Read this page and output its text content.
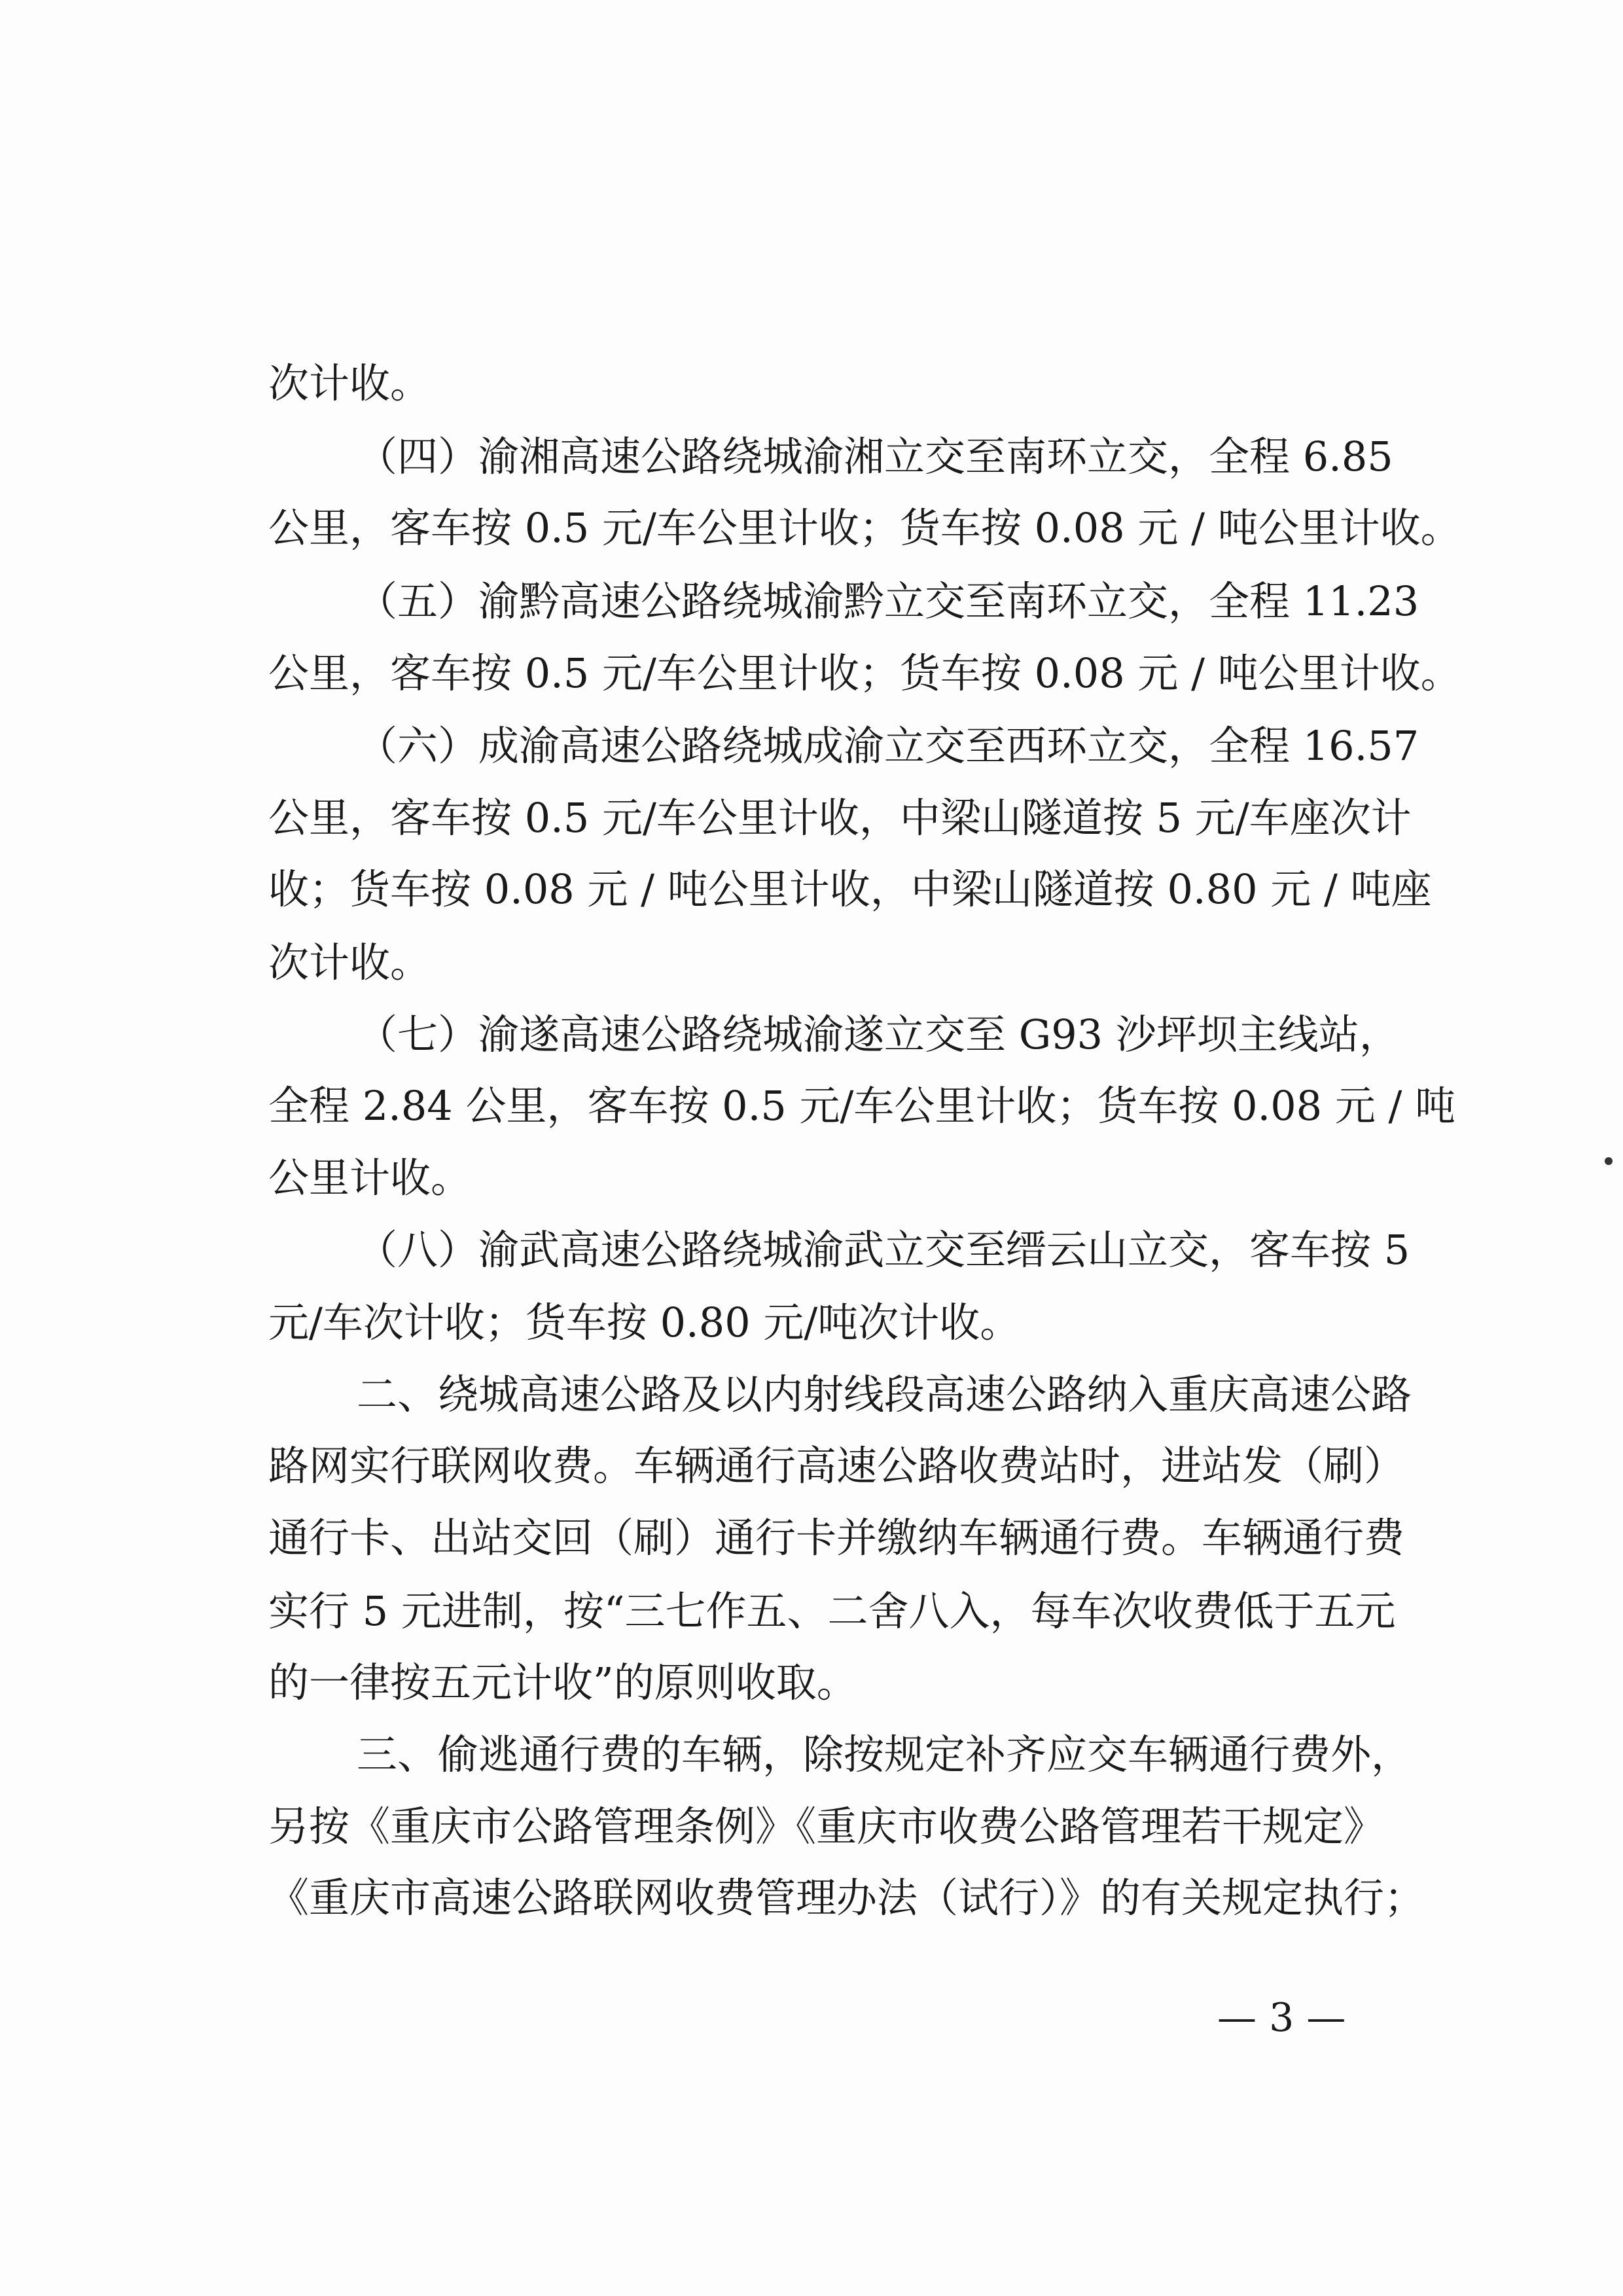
次计收。
（四）渝湘高速公路绕城渝湘立交至南环立交，全程 6.85
公里，客车按 0.5 元/车公里计收；货车按 0.08 元 / 吨公里计收。
（五）渝黔高速公路绕城渝黔立交至南环立交，全程 11.23
公里，客车按 0.5 元/车公里计收；货车按 0.08 元 / 吨公里计收。
（六）成渝高速公路绕城成渝立交至西环立交，全程 16.57
公里，客车按 0.5 元/车公里计收，中梁山隧道按 5 元/车座次计
收；货车按 0.08 元 / 吨公里计收，中梁山隧道按 0.80 元 / 吨座
次计收。
（七）渝遂高速公路绕城渝遂立交至 G93 沙坪坝主线站，
全程 2.84 公里，客车按 0.5 元/车公里计收；货车按 0.08 元 / 吨
公里计收。
（八）渝武高速公路绕城渝武立交至缙云山立交，客车按 5
元/车次计收；货车按 0.80 元/吨次计收。
二、绕城高速公路及以内射线段高速公路纳入重庆高速公路
路网实行联网收费。车辆通行高速公路收费站时，进站发（刷）
通行卡、出站交回（刷）通行卡并缴纳车辆通行费。车辆通行费
实行 5 元进制，按“三七作五、二舍八入，每车次收费低于五元
的一律按五元计收”的原则收取。
三、偷逃通行费的车辆，除按规定补齐应交车辆通行费外，
另按《重庆市公路管理条例》《重庆市收费公路管理若干规定》
《重庆市高速公路联网收费管理办法（试行）》的有关规定执行；
— 3 —
